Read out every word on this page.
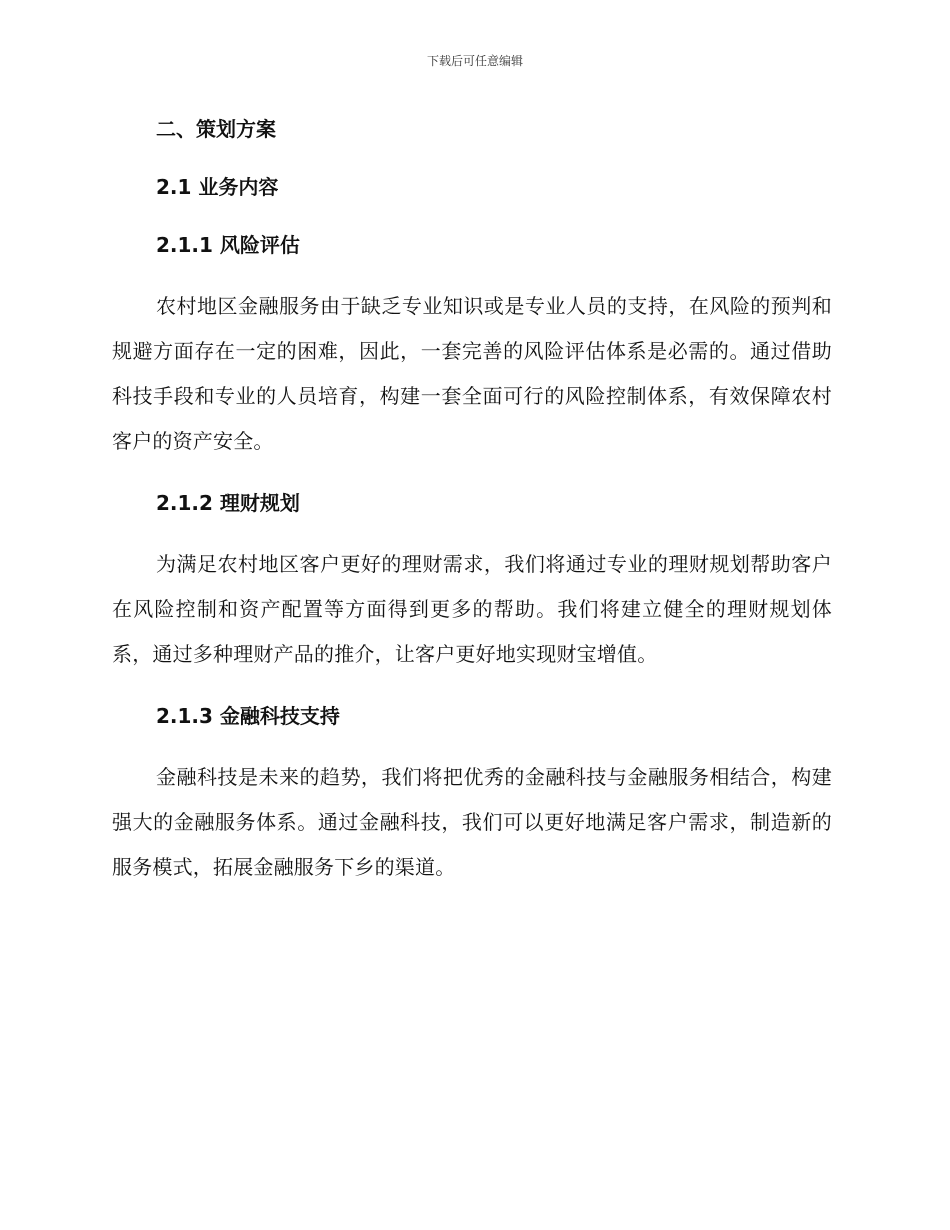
下载后可任意编辑
二、策划方案
2.1 业务内容
2.1.1 风险评估

农村地区金融服务由于缺乏专业知识或是专业人员的支持，在风险的预判和规避方面存在一定的困难，因此，一套完善的风险评估体系是必需的。通过借助科技手段和专业的人员培育，构建一套全面可行的风险控制体系，有效保障农村客户的资产安全。

2.1.2 理财规划

为满足农村地区客户更好的理财需求，我们将通过专业的理财规划帮助客户在风险控制和资产配置等方面得到更多的帮助。我们将建立健全的理财规划体系，通过多种理财产品的推介，让客户更好地实现财宝增值。

2.1.3 金融科技支持

金融科技是未来的趋势，我们将把优秀的金融科技与金融服务相结合，构建强大的金融服务体系。通过金融科技，我们可以更好地满足客户需求，制造新的服务模式，拓展金融服务下乡的渠道。
